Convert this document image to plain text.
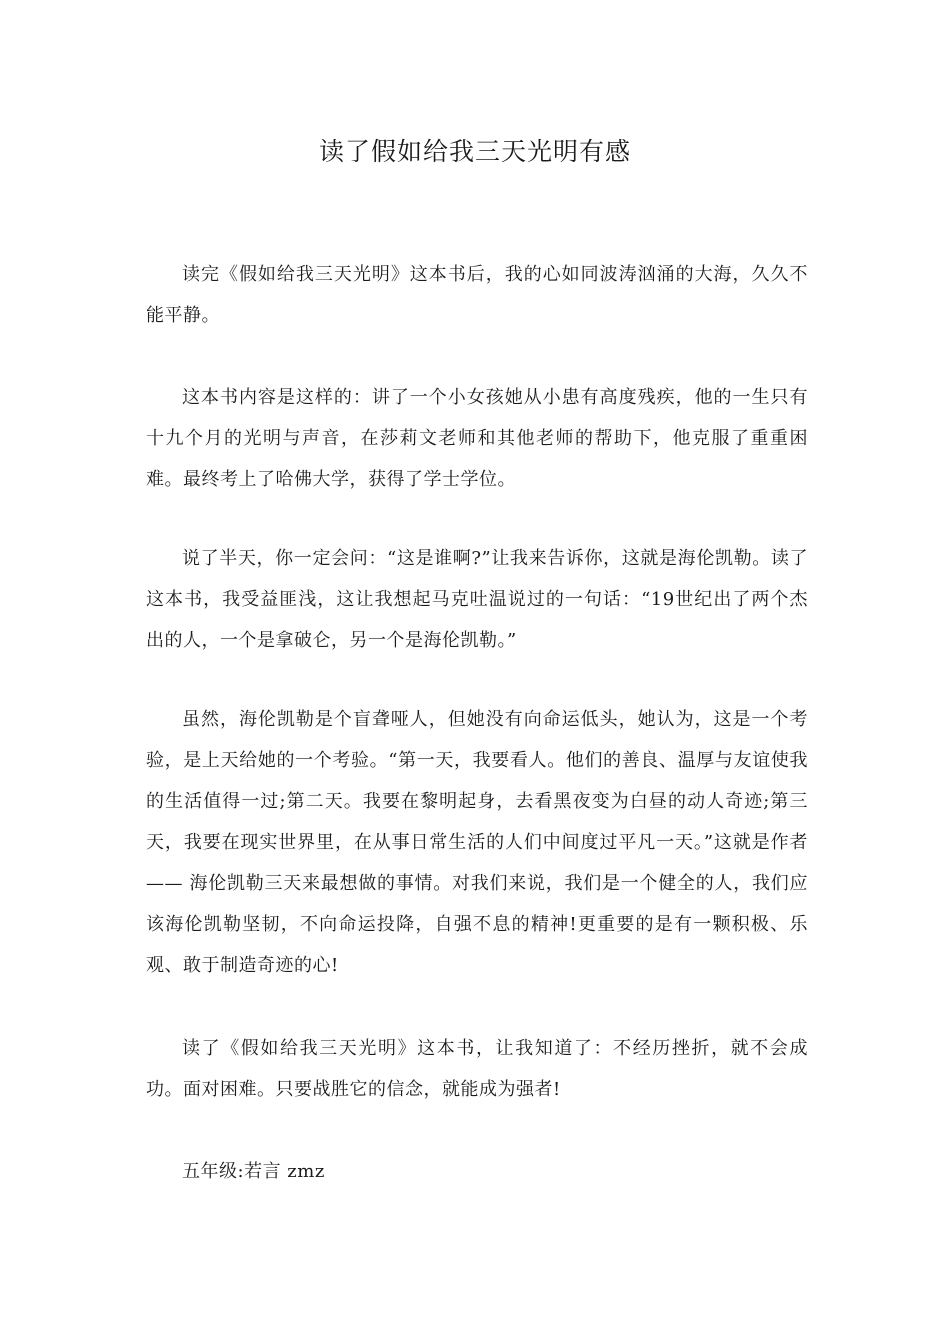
读了假如给我三天光明有感

读完《假如给我三天光明》这本书后，我的心如同波涛汹涌的大海，久久不能平静。

这本书内容是这样的：讲了一个小女孩她从小患有高度残疾，他的一生只有十九个月的光明与声音，在莎莉文老师和其他老师的帮助下，他克服了重重困难。最终考上了哈佛大学，获得了学士学位。

说了半天，你一定会问：“这是谁啊?”让我来告诉你，这就是海伦凯勒。读了这本书，我受益匪浅，这让我想起马克吐温说过的一句话：“19世纪出了两个杰出的人，一个是拿破仑，另一个是海伦凯勒。”

虽然，海伦凯勒是个盲聋哑人，但她没有向命运低头，她认为，这是一个考验，是上天给她的一个考验。“第一天，我要看人。他们的善良、温厚与友谊使我的生活值得一过;第二天。我要在黎明起身，去看黑夜变为白昼的动人奇迹;第三天，我要在现实世界里，在从事日常生活的人们中间度过平凡一天。”这就是作者—— 海伦凯勒三天来最想做的事情。对我们来说，我们是一个健全的人，我们应该海伦凯勒坚韧，不向命运投降，自强不息的精神!更重要的是有一颗积极、乐观、敢于制造奇迹的心!

读了《假如给我三天光明》这本书，让我知道了：不经历挫折，就不会成功。面对困难。只要战胜它的信念，就能成为强者!

五年级:若言 zmz
